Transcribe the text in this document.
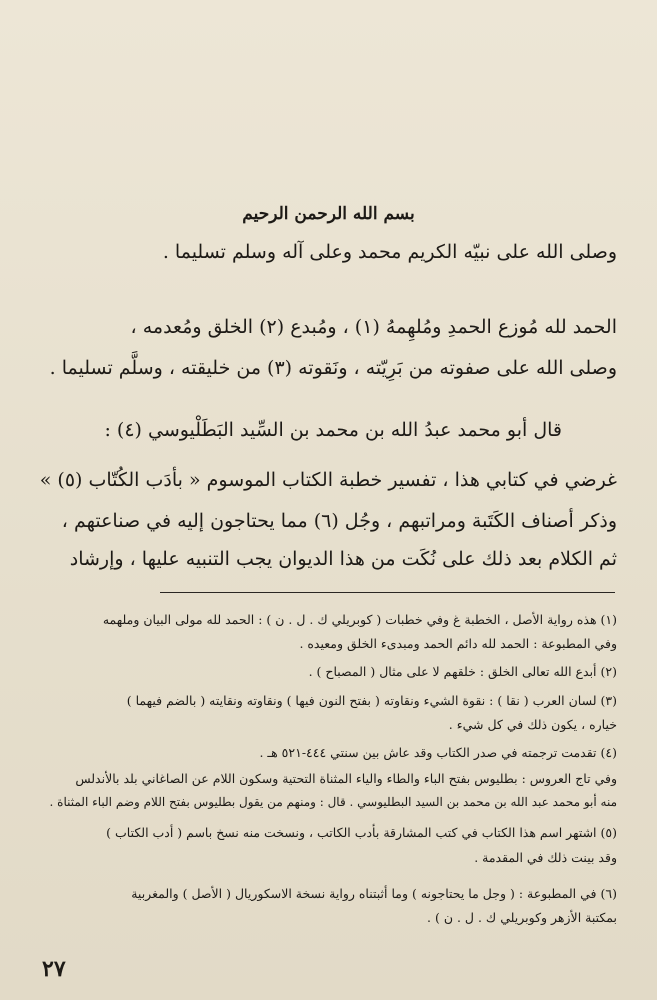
بسم الله الرحمن الرحيم
وصلى الله على نبيّه الكريم محمد وعلى آله وسلم تسليما .
الحمد لله مُوزع الحمدِ ومُلهِمهُ (١) ، ومُبدع (٢) الخلق ومُعدمه ،
وصلى الله على صفوته من بَرِيّته ، ونَقوته (٣) من خليقته ، وسلَّم تسليما .
قال أبو محمد عبدُ الله بن محمد بن السِّيد البَطَلْيوسي (٤) :
غرضي في كتابي هذا ، تفسير خطبة الكتاب الموسوم « بأدَب الكُتّاب (٥) »
وذكر أصناف الكَتَبة ومراتبهم ، وجُل (٦) مما يحتاجون إليه في صناعتهم ،
ثم الكلام بعد ذلك على نُكَت من هذا الديوان يجب التنبيه عليها ، وإرشاد
(١) هذه رواية الأصل ، الخطبة غ وفي خطبات ( كوبريلي ك . ل . ن ) : الحمد لله مولى البيان وملهمه
وفي المطبوعة : الحمد لله دائم الحمد ومبدىء الخلق ومعيده .
(٢) أبدع الله تعالى الخلق : خلقهم لا على مثال ( المصباح ) .
(٣) لسان العرب ( نقا ) : نقوة الشيء ونقاوته ( بفتح النون فيها ) ونقاوته ونقايته ( بالضم فيهما )
خياره ، يكون ذلك في كل شيء .
(٤) تقدمت ترجمته في صدر الكتاب وقد عاش بين سنتي ٤٤٤-٥٢١ هـ .
وفي تاج العروس : بطليوس بفتح الباء والطاء والياء المثناة التحتية وسكون اللام عن الصاغاني بلد بالأندلس
منه أبو محمد عبد الله بن محمد بن السيد البطليوسي . قال : ومنهم من يقول بطليوس بفتح اللام وضم الباء المثناة .
(٥) اشتهر اسم هذا الكتاب في كتب المشارقة بأدب الكاتب ، ونسخت منه نسخ باسم ( أدب الكتاب )
وقد بينت ذلك في المقدمة .
(٦) في المطبوعة : ( وجل ما يحتاجونه ) وما أثبتناه رواية نسخة الاسكوريال ( الأصل ) والمغربية
بمكتبة الأزهر وكوبريلي ك . ل . ن ) .
٢٧
